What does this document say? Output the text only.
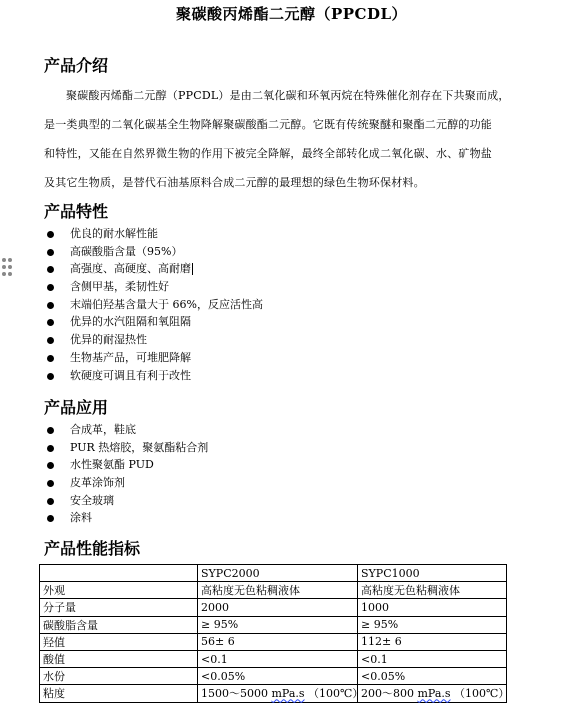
聚碳酸丙烯酯二元醇（PPCDL）
产品介绍
聚碳酸丙烯酯二元醇（PPCDL）是由二氧化碳和环氧丙烷在特殊催化剂存在下共聚而成，
是一类典型的二氧化碳基全生物降解聚碳酸酯二元醇。它既有传统聚醚和聚酯二元醇的功能
和特性，又能在自然界微生物的作用下被完全降解，最终全部转化成二氧化碳、水、矿物盐
及其它生物质，是替代石油基原料合成二元醇的最理想的绿色生物环保材料。
产品特性
优良的耐水解性能
高碳酸脂含量（95%）
高强度、高硬度、高耐磨
含侧甲基，柔韧性好
末端伯羟基含量大于 66%，反应活性高
优异的水汽阻隔和氧阻隔
优异的耐湿热性
生物基产品，可堆肥降解
软硬度可调且有利于改性
产品应用
合成革，鞋底
PUR 热熔胶，聚氨酯粘合剂
水性聚氨酯 PUD
皮革涂饰剂
安全玻璃
涂料
产品性能指标
	SYPC2000	SYPC1000
外观	高粘度无色粘稠液体	高粘度无色粘稠液体
分子量	2000	1000
碳酸脂含量	≥ 95%	≥ 95%
羟值	56± 6	112± 6
酸值	<0.1	<0.1
水份	<0.05%	<0.05%
粘度	1500～5000 mPa.s （100℃）	200～800 mPa.s （100℃）
